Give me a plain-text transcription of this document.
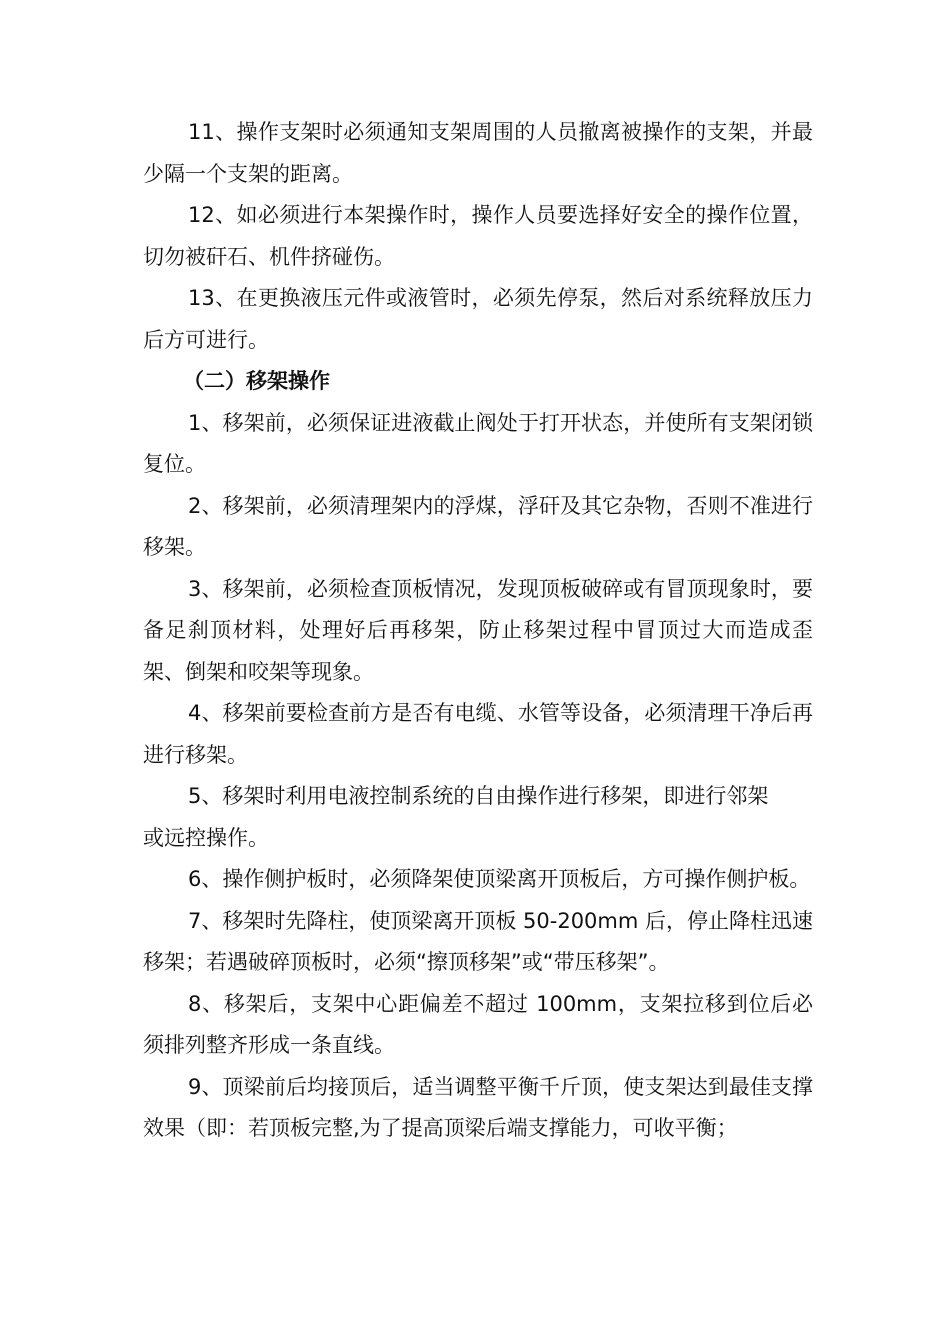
11、操作支架时必须通知支架周围的人员撤离被操作的支架，并最少隔一个支架的距离。

12、如必须进行本架操作时，操作人员要选择好安全的操作位置，切勿被矸石、机件挤碰伤。

13、在更换液压元件或液管时，必须先停泵，然后对系统释放压力后方可进行。

（二）移架操作

1、移架前，必须保证进液截止阀处于打开状态，并使所有支架闭锁复位。

2、移架前，必须清理架内的浮煤，浮矸及其它杂物，否则不准进行移架。

3、移架前，必须检查顶板情况，发现顶板破碎或有冒顶现象时，要备足刹顶材料，处理好后再移架，防止移架过程中冒顶过大而造成歪架、倒架和咬架等现象。

4、移架前要检查前方是否有电缆、水管等设备，必须清理干净后再进行移架。

5、移架时利用电液控制系统的自由操作进行移架，即进行邻架

或远控操作。

6、操作侧护板时，必须降架使顶梁离开顶板后，方可操作侧护板。

7、移架时先降柱，使顶梁离开顶板 50-200mm 后，停止降柱迅速移架；若遇破碎顶板时，必须“擦顶移架”或“带压移架”。

8、移架后，支架中心距偏差不超过 100mm，支架拉移到位后必须排列整齐形成一条直线。

9、顶梁前后均接顶后，适当调整平衡千斤顶，使支架达到最佳支撑效果（即：若顶板完整,为了提高顶梁后端支撑能力，可收平衡；
